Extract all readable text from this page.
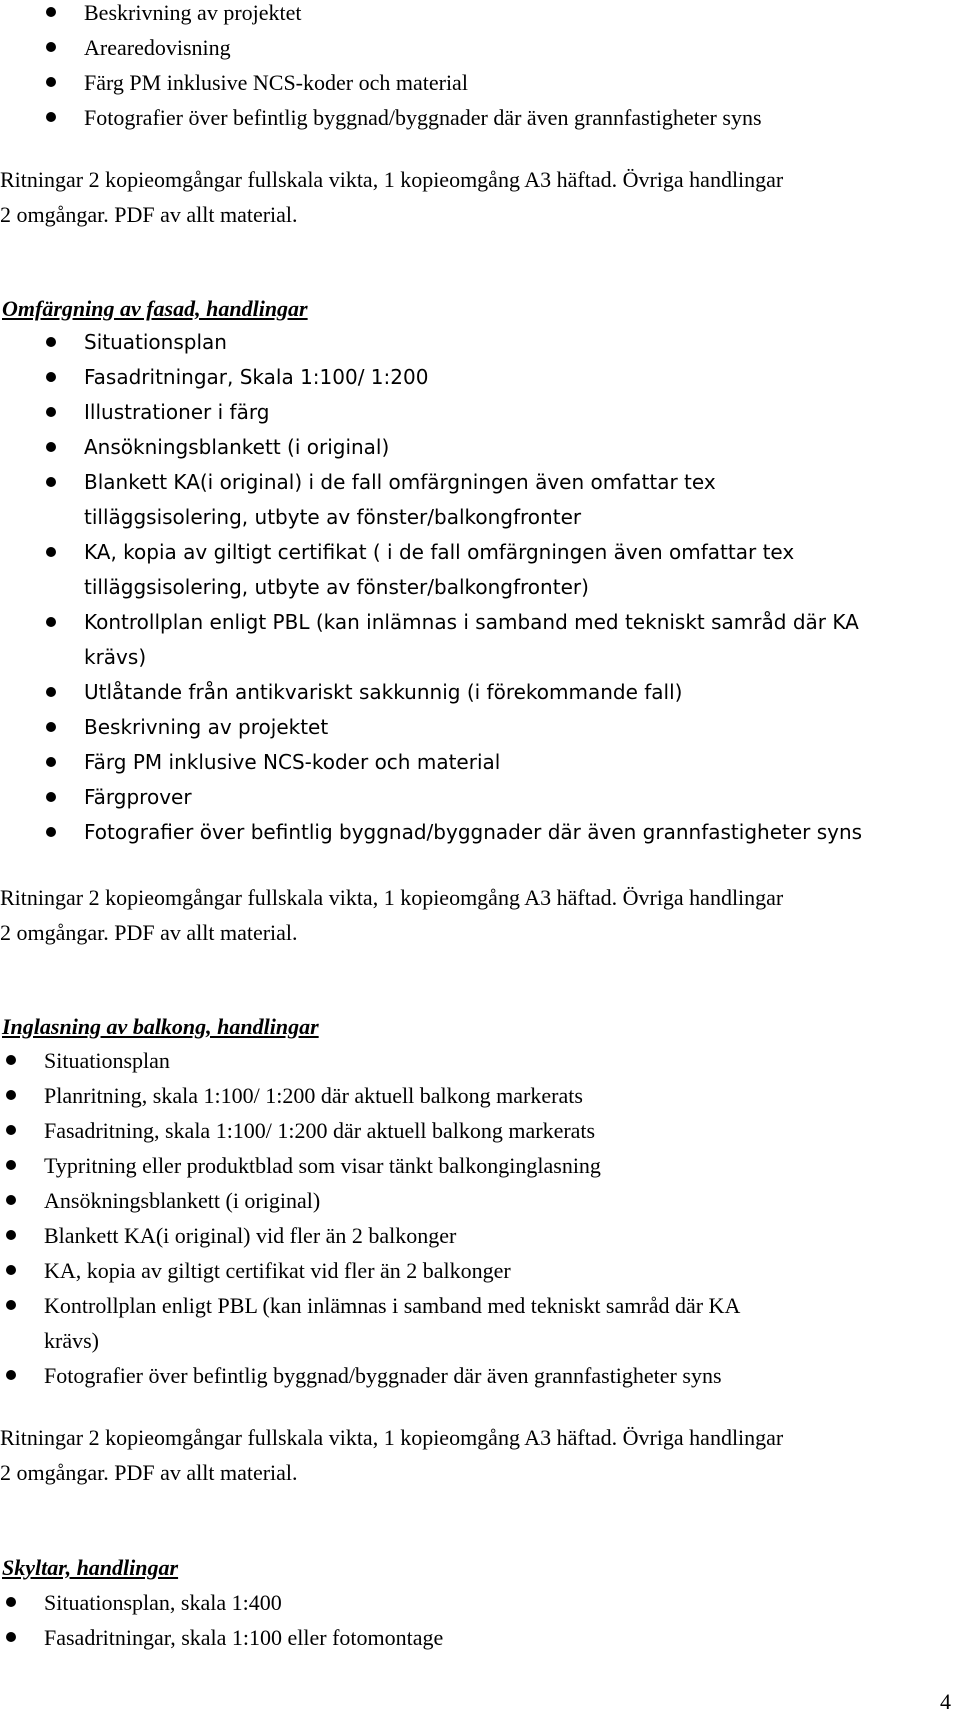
Beskrivning av projektet
Arearedovisning
Färg PM inklusive NCS-koder och material
Fotografier över befintlig byggnad/byggnader där även grannfastigheter syns
Ritningar 2 kopieomgångar fullskala vikta, 1 kopieomgång A3 häftad. Övriga handlingar
2 omgångar. PDF av allt material.
Omfärgning av fasad, handlingar
Situationsplan
Fasadritningar, Skala 1:100/ 1:200
Illustrationer i färg
Ansökningsblankett (i original)
Blankett KA(i original) i de fall omfärgningen även omfattar tex
tilläggsisolering, utbyte av fönster/balkongfronter
KA, kopia av giltigt certifikat ( i de fall omfärgningen även omfattar tex
tilläggsisolering, utbyte av fönster/balkongfronter)
Kontrollplan enligt PBL (kan inlämnas i samband med tekniskt samråd där KA
krävs)
Utlåtande från antikvariskt sakkunnig (i förekommande fall)
Beskrivning av projektet
Färg PM inklusive NCS-koder och material
Färgprover
Fotografier över befintlig byggnad/byggnader där även grannfastigheter syns
Ritningar 2 kopieomgångar fullskala vikta, 1 kopieomgång A3 häftad. Övriga handlingar
2 omgångar. PDF av allt material.
Inglasning av balkong, handlingar
Situationsplan
Planritning, skala 1:100/ 1:200 där aktuell balkong markerats
Fasadritning, skala 1:100/ 1:200 där aktuell balkong markerats
Typritning eller produktblad som visar tänkt balkonginglasning
Ansökningsblankett (i original)
Blankett KA(i original) vid fler än 2 balkonger
KA, kopia av giltigt certifikat vid fler än 2 balkonger
Kontrollplan enligt PBL (kan inlämnas i samband med tekniskt samråd där KA
krävs)
Fotografier över befintlig byggnad/byggnader där även grannfastigheter syns
Ritningar 2 kopieomgångar fullskala vikta, 1 kopieomgång A3 häftad. Övriga handlingar
2 omgångar. PDF av allt material.
Skyltar, handlingar
Situationsplan, skala 1:400
Fasadritningar, skala 1:100 eller fotomontage
4
